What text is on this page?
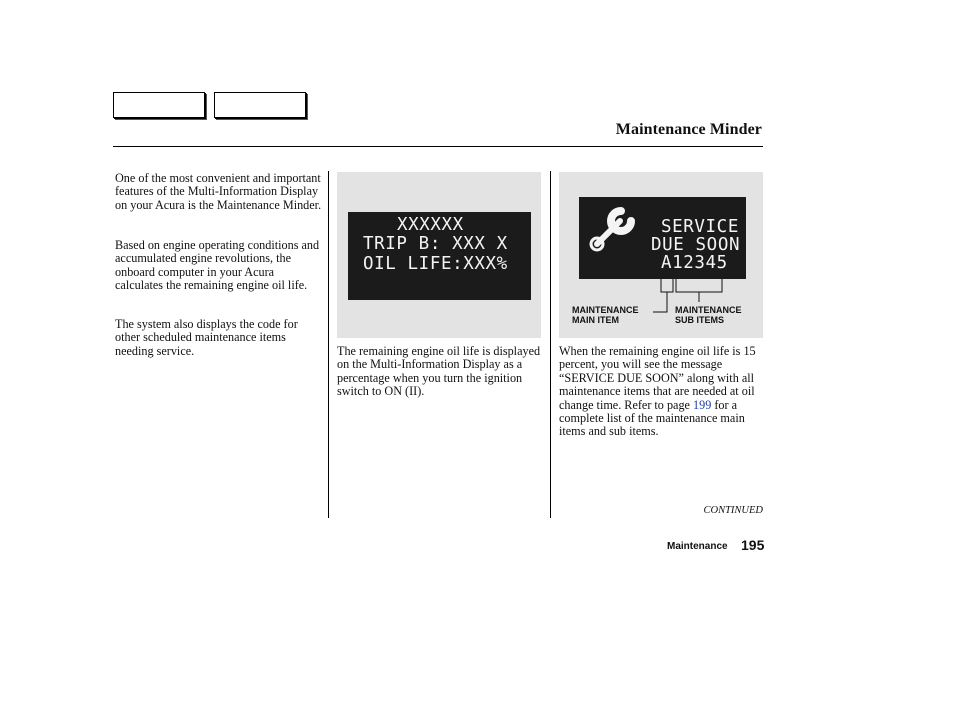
Maintenance Minder

One of the most convenient and important features of the Multi-Information Display on your Acura is the Maintenance Minder.

Based on engine operating conditions and accumulated engine revolutions, the onboard computer in your Acura calculates the remaining engine oil life.

The system also displays the code for other scheduled maintenance items needing service.

XXXXXX
TRIP B: XXX X
OIL LIFE:XXX%

The remaining engine oil life is displayed on the Multi-Information Display as a percentage when you turn the ignition switch to ON (II).

SERVICE
DUE SOON
A12345
MAINTENANCE
MAIN ITEM
MAINTENANCE
SUB ITEMS

When the remaining engine oil life is 15 percent, you will see the message “SERVICE DUE SOON” along with all maintenance items that are needed at oil change time. Refer to page 199 for a complete list of the maintenance main items and sub items.

CONTINUED
Maintenance 195
